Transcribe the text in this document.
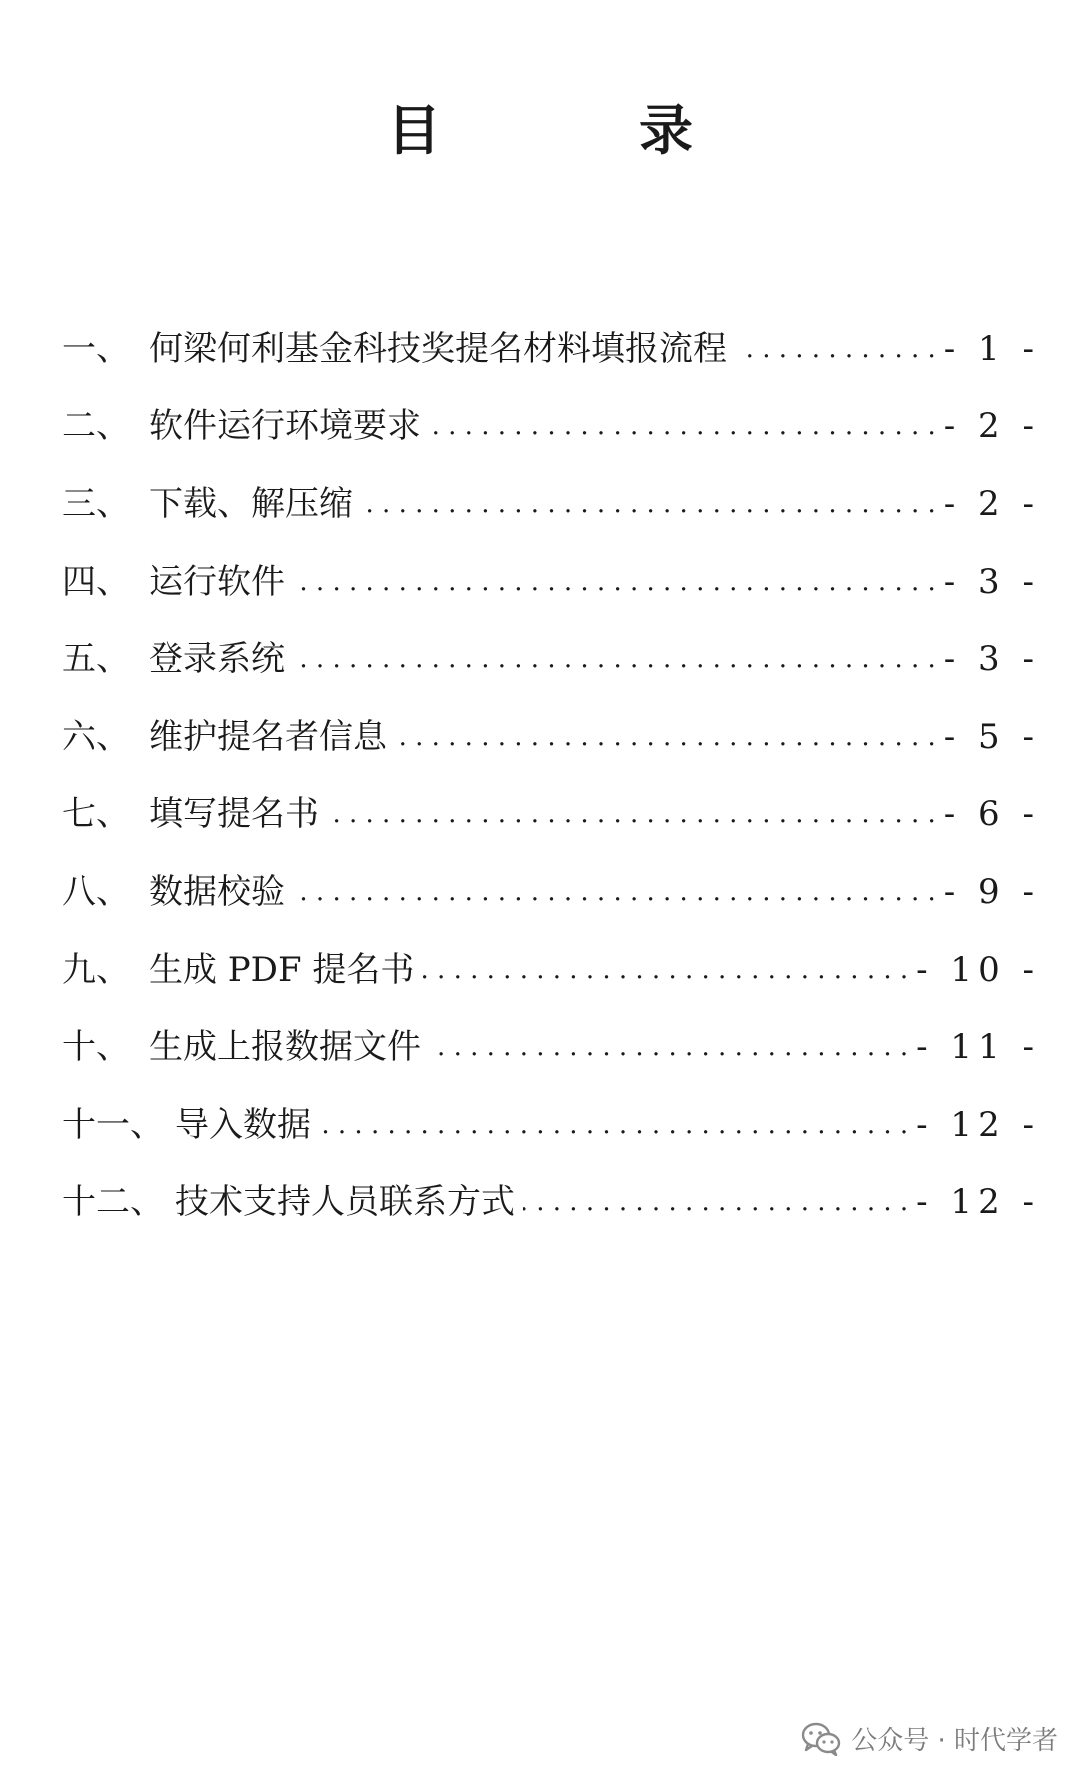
目　录
一、 何梁何利基金科技奖提名材料填报流程 . . .	- 1 -
二、 软件运行环境要求 . . .	- 2 -
三、 下载、解压缩 . . .	- 2 -
四、 运行软件 . . .	- 3 -
五、 登录系统 . . .	- 3 -
六、 维护提名者信息 . . .	- 5 -
七、 填写提名书 . . .	- 6 -
八、 数据校验 . . .	- 9 -
九、 生成 PDF 提名书 . . .	- 10 -
十、 生成上报数据文件 . . .	- 11 -
十一、 导入数据 . . .	- 12 -
十二、 技术支持人员联系方式 . . .	- 12 -
公众号 · 时代学者
